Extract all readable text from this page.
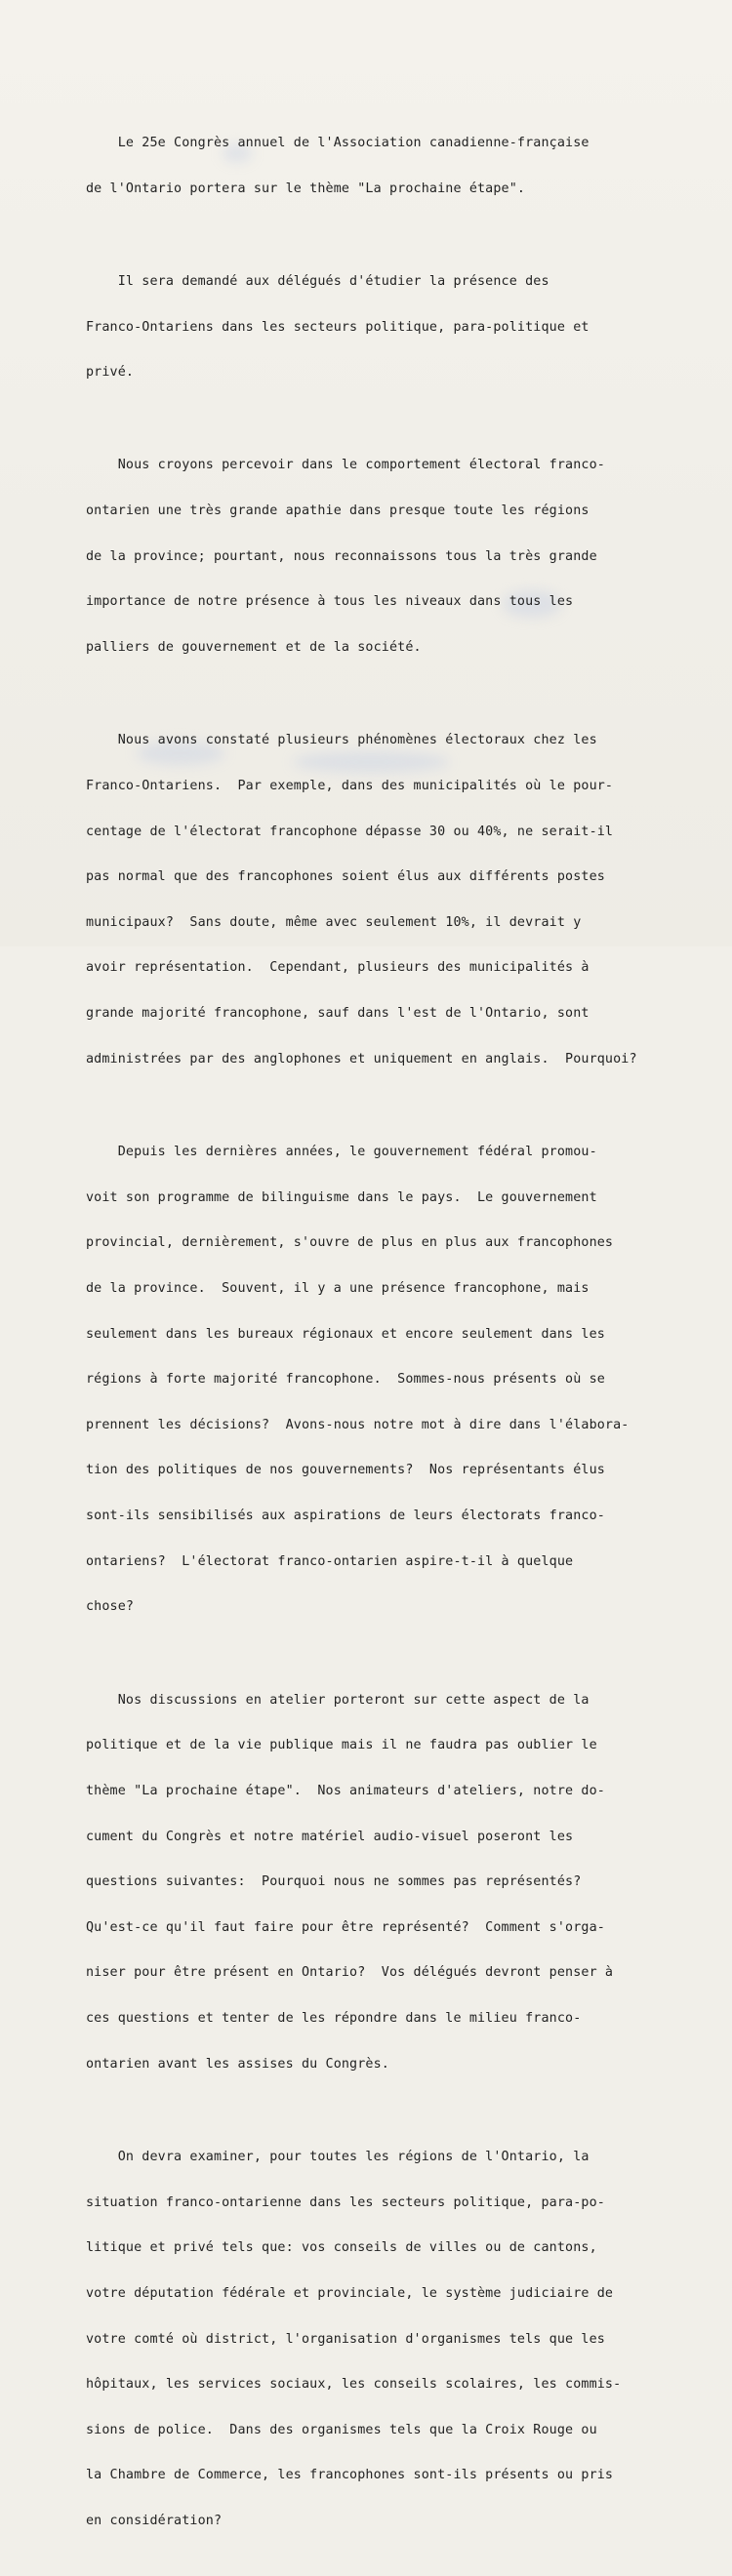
Le 25e Congrès annuel de l'Association canadienne-française

de l'Ontario portera sur le thème "La prochaine étape".

Il sera demandé aux délégués d'étudier la présence des

Franco-Ontariens dans les secteurs politique, para-politique et

privé.

Nous croyons percevoir dans le comportement électoral franco-

ontarien une très grande apathie dans presque toute les régions

de la province; pourtant, nous reconnaissons tous la très grande

importance de notre présence à tous les niveaux dans tous les

palliers de gouvernement et de la société.

Nous avons constaté plusieurs phénomènes électoraux chez les

Franco-Ontariens.  Par exemple, dans des municipalités où le pour-

centage de l'électorat francophone dépasse 30 ou 40%, ne serait-il

pas normal que des francophones soient élus aux différents postes

municipaux?  Sans doute, même avec seulement 10%, il devrait y

avoir représentation.  Cependant, plusieurs des municipalités à

grande majorité francophone, sauf dans l'est de l'Ontario, sont

administrées par des anglophones et uniquement en anglais.  Pourquoi?

Depuis les dernières années, le gouvernement fédéral promou-

voit son programme de bilinguisme dans le pays.  Le gouvernement

provincial, dernièrement, s'ouvre de plus en plus aux francophones

de la province.  Souvent, il y a une présence francophone, mais

seulement dans les bureaux régionaux et encore seulement dans les

régions à forte majorité francophone.  Sommes-nous présents où se

prennent les décisions?  Avons-nous notre mot à dire dans l'élabora-

tion des politiques de nos gouvernements?  Nos représentants élus

sont-ils sensibilisés aux aspirations de leurs électorats franco-

ontariens?  L'électorat franco-ontarien aspire-t-il à quelque

chose?

Nos discussions en atelier porteront sur cette aspect de la

politique et de la vie publique mais il ne faudra pas oublier le

thème "La prochaine étape".  Nos animateurs d'ateliers, notre do-

cument du Congrès et notre matériel audio-visuel poseront les

questions suivantes:  Pourquoi nous ne sommes pas représentés?

Qu'est-ce qu'il faut faire pour être représenté?  Comment s'orga-

niser pour être présent en Ontario?  Vos délégués devront penser à

ces questions et tenter de les répondre dans le milieu franco-

ontarien avant les assises du Congrès.

On devra examiner, pour toutes les régions de l'Ontario, la

situation franco-ontarienne dans les secteurs politique, para-po-

litique et privé tels que: vos conseils de villes ou de cantons,

votre députation fédérale et provinciale, le système judiciaire de

votre comté où district, l'organisation d'organismes tels que les

hôpitaux, les services sociaux, les conseils scolaires, les commis-

sions de police.  Dans des organismes tels que la Croix Rouge ou

la Chambre de Commerce, les francophones sont-ils présents ou pris

en considération?
